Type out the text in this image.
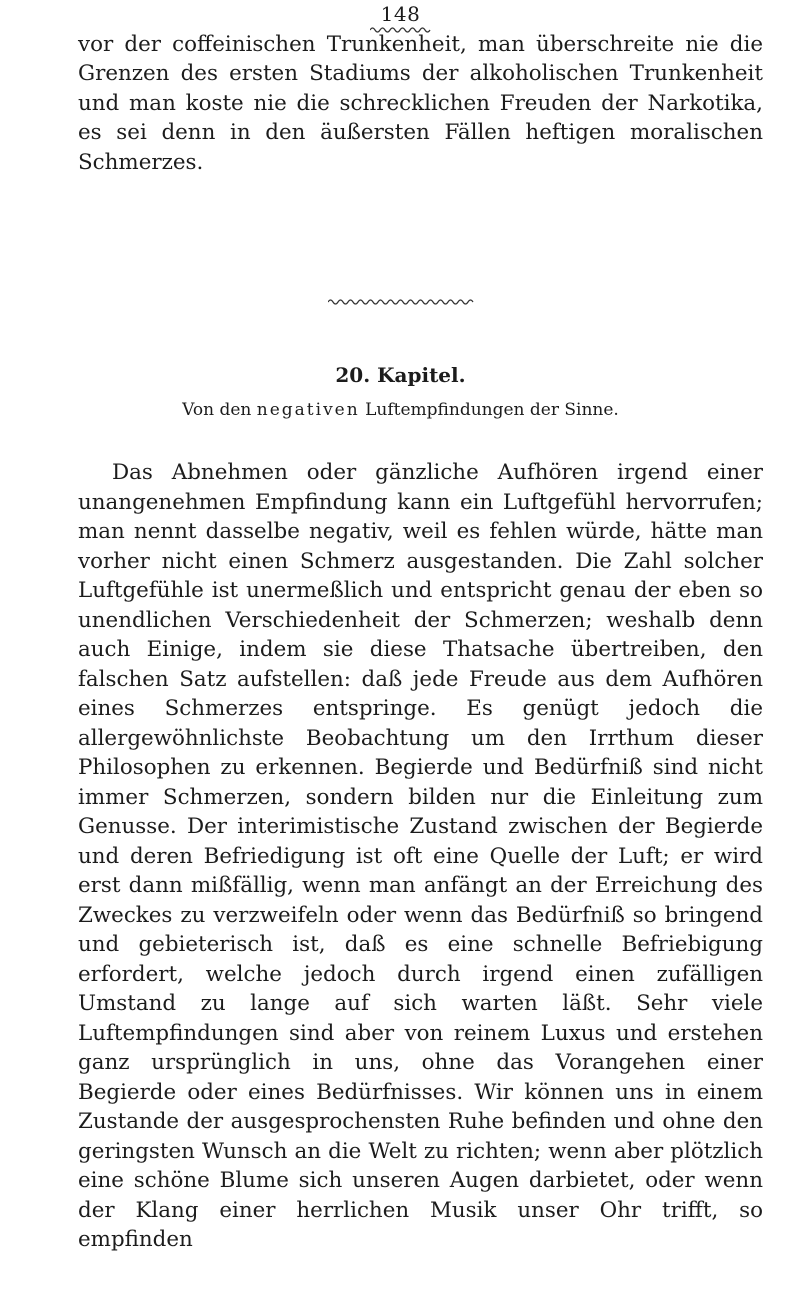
148
vor der coffeinischen Trunkenheit, man überschreite nie die Grenzen des ersten Stadiums der alkoholischen Trunkenheit und man koste nie die schrecklichen Freuden der Narkotika, es sei denn in den äußersten Fällen heftigen moralischen Schmerzes.
20. Kapitel.
Von den negativen Luftempfindungen der Sinne.
Das Abnehmen oder gänzliche Aufhören irgend einer unangenehmen Empfindung kann ein Luftgefühl hervorrufen; man nennt dasselbe negativ, weil es fehlen würde, hätte man vorher nicht einen Schmerz ausgestanden. Die Zahl solcher Luftgefühle ist unermeßlich und entspricht genau der eben so unendlichen Verschiedenheit der Schmerzen; weshalb denn auch Einige, indem sie diese Thatsache übertreiben, den falschen Satz aufstellen: daß jede Freude aus dem Aufhören eines Schmerzes entspringe. Es genügt jedoch die allergewöhnlichste Beobachtung um den Irrthum dieser Philosophen zu erkennen. Begierde und Bedürfniß sind nicht immer Schmerzen, sondern bilden nur die Einleitung zum Genusse. Der interimistische Zustand zwischen der Begierde und deren Befriedigung ist oft eine Quelle der Luft; er wird erst dann mißfällig, wenn man anfängt an der Erreichung des Zweckes zu verzweifeln oder wenn das Bedürfniß so bringend und gebieterisch ist, daß es eine schnelle Befriebigung erfordert, welche jedoch durch irgend einen zufälligen Umstand zu lange auf sich warten läßt. Sehr viele Luftempfindungen sind aber von reinem Luxus und erstehen ganz ursprünglich in uns, ohne das Vorangehen einer Begierde oder eines Bedürfnisses. Wir können uns in einem Zustande der ausgesprochensten Ruhe befinden und ohne den geringsten Wunsch an die Welt zu richten; wenn aber plötzlich eine schöne Blume sich unseren Augen darbietet, oder wenn der Klang einer herrlichen Musik unser Ohr trifft, so empfinden
